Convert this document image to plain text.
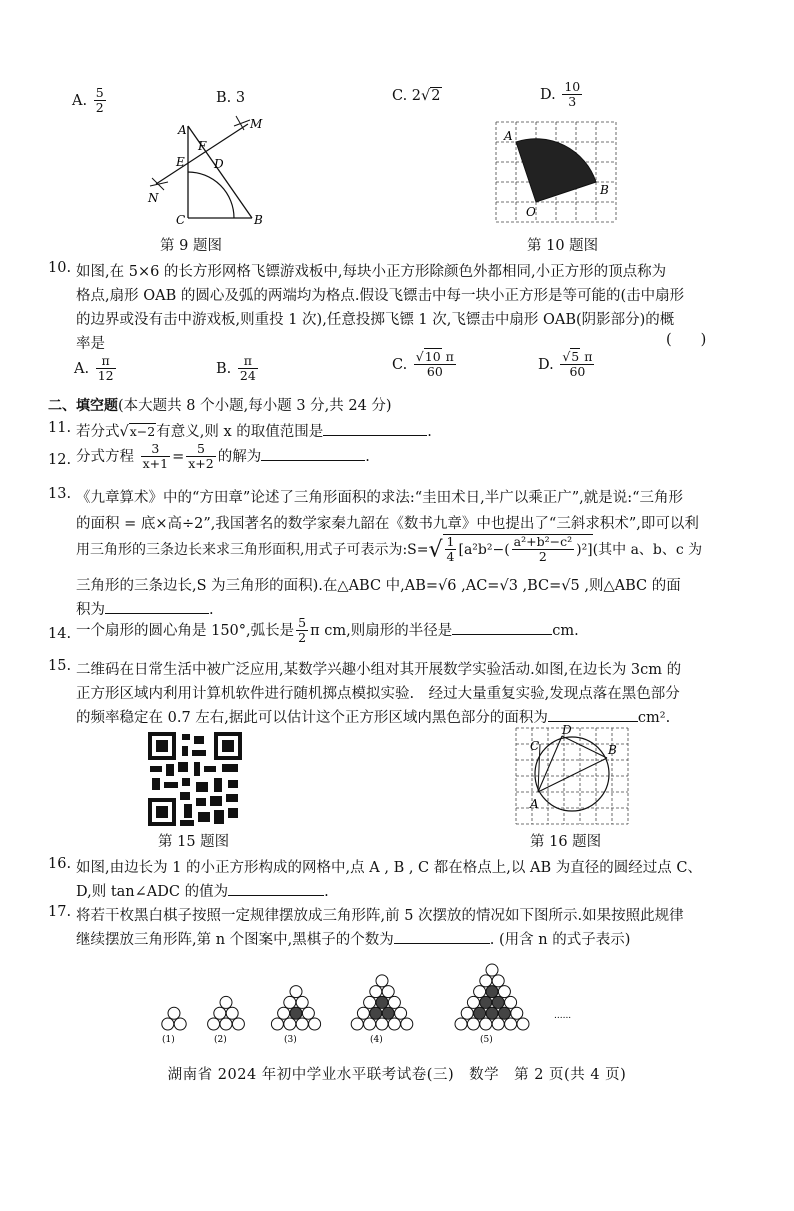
A. $\frac{5}{2}$	B. 3	C. 2√2	D. $\frac{10}{3}$
A
E
F
D
M
N
C	B
第 9 题图
A
O
B
第 10 题图
10. 如图,在 5×6 的长方形网格飞镖游戏板中,每块小正方形除颜色外都相同,小正方形的顶点称为
格点,扇形 OAB 的圆心及弧的两端均为格点.假设飞镖击中每一块小正方形是等可能的(击中扇形
的边界或没有击中游戏板,则重投 1 次),任意投掷飞镖 1 次,飞镖击中扇形 OAB(阴影部分)的概
率是	(　　)
A. $\frac{\pi}{12}$	B. $\frac{\pi}{24}$	C. $\frac{√10 \pi}{60}$	D. $\frac{√5 \pi}{60}$
二、填空题(本大题共 8 个小题,每小题 3 分,共 24 分)
11. 若分式√x−2有意义,则 x 的取值范围是	.
12. 分式方程 $\frac{3}{x+1} = \frac{5}{x+2}$ 的解为	.
13. 《九章算术》中的“方田章”论述了三角形面积的求法:“圭田术日,半广以乘正广”,就是说:“三角形
的面积 = 底×高÷2”,我国著名的数学家秦九韶在《数书九章》中也提出了“三斜求积术”,即可以利
用三角形的三条边长来求三角形面积,用式子可表示为:S=√ $\frac{1}{4} [a^2b^2-( \frac{\text{a²+b²−c²}}{2} )^2]$(其中 a、b、c 为
三角形的三条边长,S 为三角形的面积).在△ABC 中,AB=√6 ,AC=√3 ,BC=√5 ,则△ABC 的面
积为	.
14. 一个扇形的圆心角是 150°,弧长是 $\frac{5}{2}$ π cm,则扇形的半径是	cm.
15. 二维码在日常生活中被广泛应用,某数学兴趣小组对其开展数学实验活动.如图,在边长为 3cm 的
正方形区域内利用计算机软件进行随机掷点模拟实验.　经过大量重复实验,发现点落在黑色部分
的频率稳定在 0.7 左右,据此可以估计这个正方形区域内黑色部分的面积为	cm².
第 15 题图
C
D
B
A
第 16 题图
16. 如图,由边长为 1 的小正方形构成的网格中,点 A , B , C 都在格点上,以 AB 为直径的圆经过点 C、
D,则 tan∠ADC 的值为	.
17. 将若干枚黑白棋子按照一定规律摆放成三角形阵,前 5 次摆放的情况如下图所示.如果按照此规律
继续摆放三角形阵,第 n 个图案中,黑棋子的个数为	. (用含 n 的式子表示)
(1)	(2)	(3)	(4)	(5)
......
湖南省 2024 年初中学业水平联考试卷(三)　数学　第 2 页(共 4 页)
